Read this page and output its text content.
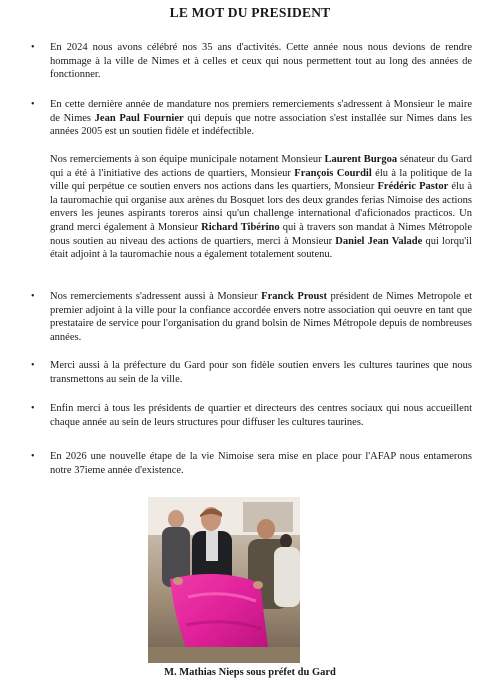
LE MOT DU PRESIDENT
• En 2024 nous avons célébré nos 35 ans d'activités. Cette année nous nous devions de rendre hommage à la ville de Nimes et à celles et ceux qui nous permettent tout au long des années de fonctionner.

• En cette dernière année de mandature nos premiers remerciements s'adressent à Monsieur le maire de Nimes Jean Paul Fournier qui depuis que notre association s'est installée sur Nimes dans les années 2005 est un soutien fidèle et indéfectible.

Nos remerciements à son équipe municipale notament Monsieur Laurent Burgoa sénateur du Gard qui a été à l'initiative des actions de quartiers, Monsieur François Courdil élu à la politique de la ville qui perpétue ce soutien envers nos actions dans les quartiers, Monsieur Frédéric Pastor élu à la tauromachie qui organise aux arènes du Bosquet lors des deux grandes ferias Nimoise des actions envers les jeunes aspirants toreros ainsi qu'un challenge international d'aficionados practicos. Un grand merci également à Monsieur Richard Tibérino qui à travers son mandat à Nimes Métropole nous soutien au niveau des actions de quartiers, merci à Monsieur Daniel Jean Valade qui lorqu'il était adjoint à la tauromachie nous a également totalement soutenu.

• Nos remerciements s'adressent aussi à Monsieur Franck Proust président de Nimes Metropole et premier adjoint à la ville pour la confiance accordée envers notre association qui oeuvre en tant que prestataire de service pour l'organisation du grand bolsin de Nimes Métropole depuis de nombreuses années.

• Merci aussi à la préfecture du Gard pour son fidèle soutien envers les cultures taurines que nous transmettons au sein de la ville.

• Enfin merci à tous les présidents de quartier et directeurs des centres sociaux qui nous accueillent chaque année au sein de leurs structures pour diffuser les cultures taurines.

• En 2026 une nouvelle étape de la vie Nimoise sera mise en place pour l'AFAP nous entamerons notre 37ieme année d'existence.

M. Mathias Nieps sous préfet du Gard
